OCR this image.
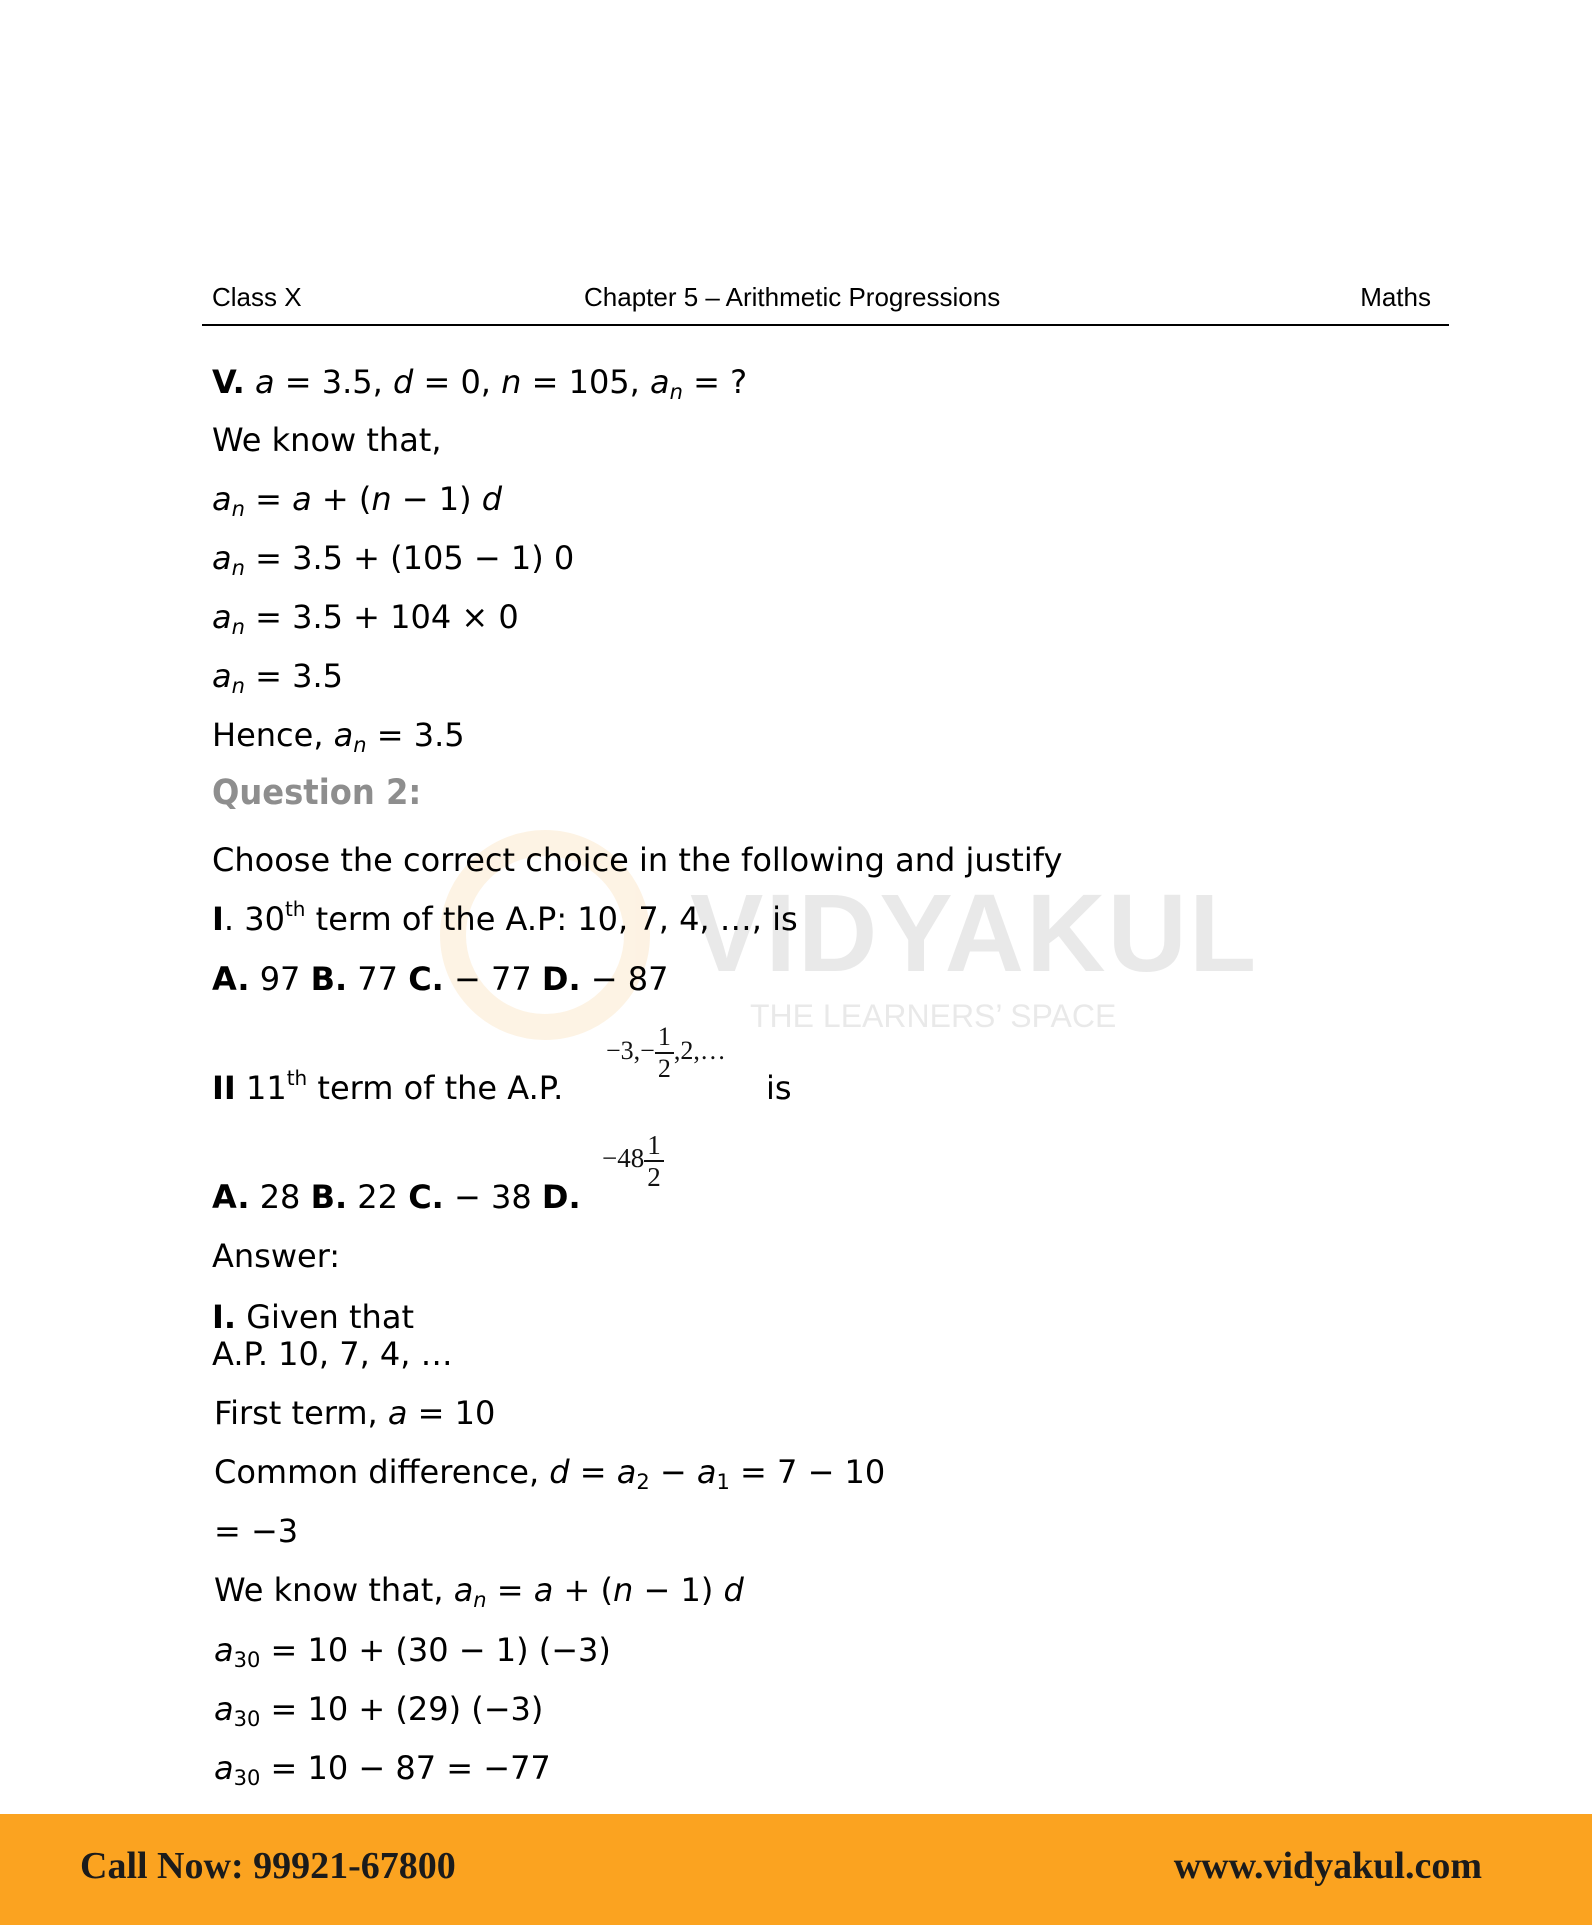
VIDYAKUL
THE LEARNERS’ SPACE
Class X	Chapter 5 – Arithmetic Progressions	Maths
V. a = 3.5, d = 0, n = 105, $a_n$ = ?
We know that,
$a_n = a + (n - 1)$ d
$a_n = 3.5 + (105 - 1)$ 0
$a_n = 3.5 + 104 \times 0$
$a_n = 3.5$
Hence, $a_n = 3.5$
Question 2:
Choose the correct choice in the following and justify
I. 30th term of the A.P: 10, 7, 4, …, is
A. 97 B. 77 C. − 77 D. − 87
II 11th term of the A.P.
$-3,- \frac{1}{2}$ ,2,…
is
A. 28 B. 22 C. − 38 D.
$-48 \frac{1}{2}$
Answer:
I. Given that
A.P. 10, 7, 4, …
First term, a = 10
Common difference, $d = a_2 - a_1 = 7 - 10$
= −3
We know that, $a_n = a + (n - 1)$ d
$a_{30} = 10 + (30 - 1)$ (−3)
$a_{30} = 10 + (29)$ (−3)
$a_{30} = 10 - 87 = -77$
Call Now: 99921-67800	www.vidyakul.com
